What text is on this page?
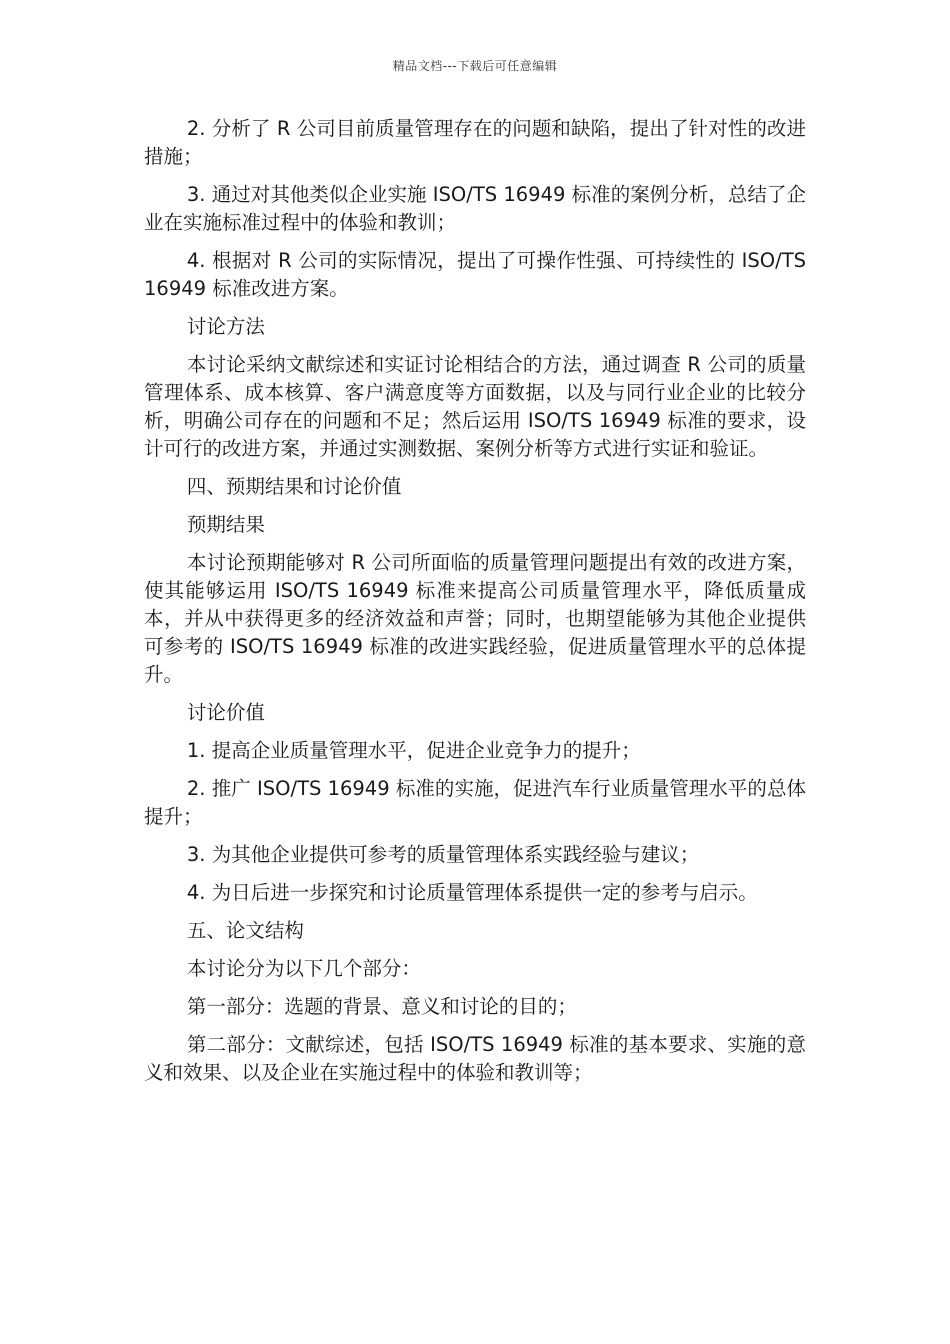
精品文档---下载后可任意编辑

2. 分析了 R 公司目前质量管理存在的问题和缺陷，提出了针对性的改进措施；

3. 通过对其他类似企业实施 ISO/TS 16949 标准的案例分析，总结了企业在实施标准过程中的体验和教训；

4. 根据对 R 公司的实际情况，提出了可操作性强、可持续性的 ISO/TS 16949 标准改进方案。

讨论方法

本讨论采纳文献综述和实证讨论相结合的方法，通过调查 R 公司的质量管理体系、成本核算、客户满意度等方面数据，以及与同行业企业的比较分析，明确公司存在的问题和不足；然后运用 ISO/TS 16949 标准的要求，设计可行的改进方案，并通过实测数据、案例分析等方式进行实证和验证。

四、预期结果和讨论价值

预期结果

本讨论预期能够对 R 公司所面临的质量管理问题提出有效的改进方案，使其能够运用 ISO/TS 16949 标准来提高公司质量管理水平，降低质量成本，并从中获得更多的经济效益和声誉；同时，也期望能够为其他企业提供可参考的 ISO/TS 16949 标准的改进实践经验，促进质量管理水平的总体提升。

讨论价值

1. 提高企业质量管理水平，促进企业竞争力的提升；

2. 推广 ISO/TS 16949 标准的实施，促进汽车行业质量管理水平的总体提升；

3. 为其他企业提供可参考的质量管理体系实践经验与建议；

4. 为日后进一步探究和讨论质量管理体系提供一定的参考与启示。

五、论文结构

本讨论分为以下几个部分：

第一部分：选题的背景、意义和讨论的目的；

第二部分：文献综述，包括 ISO/TS 16949 标准的基本要求、实施的意义和效果、以及企业在实施过程中的体验和教训等；
